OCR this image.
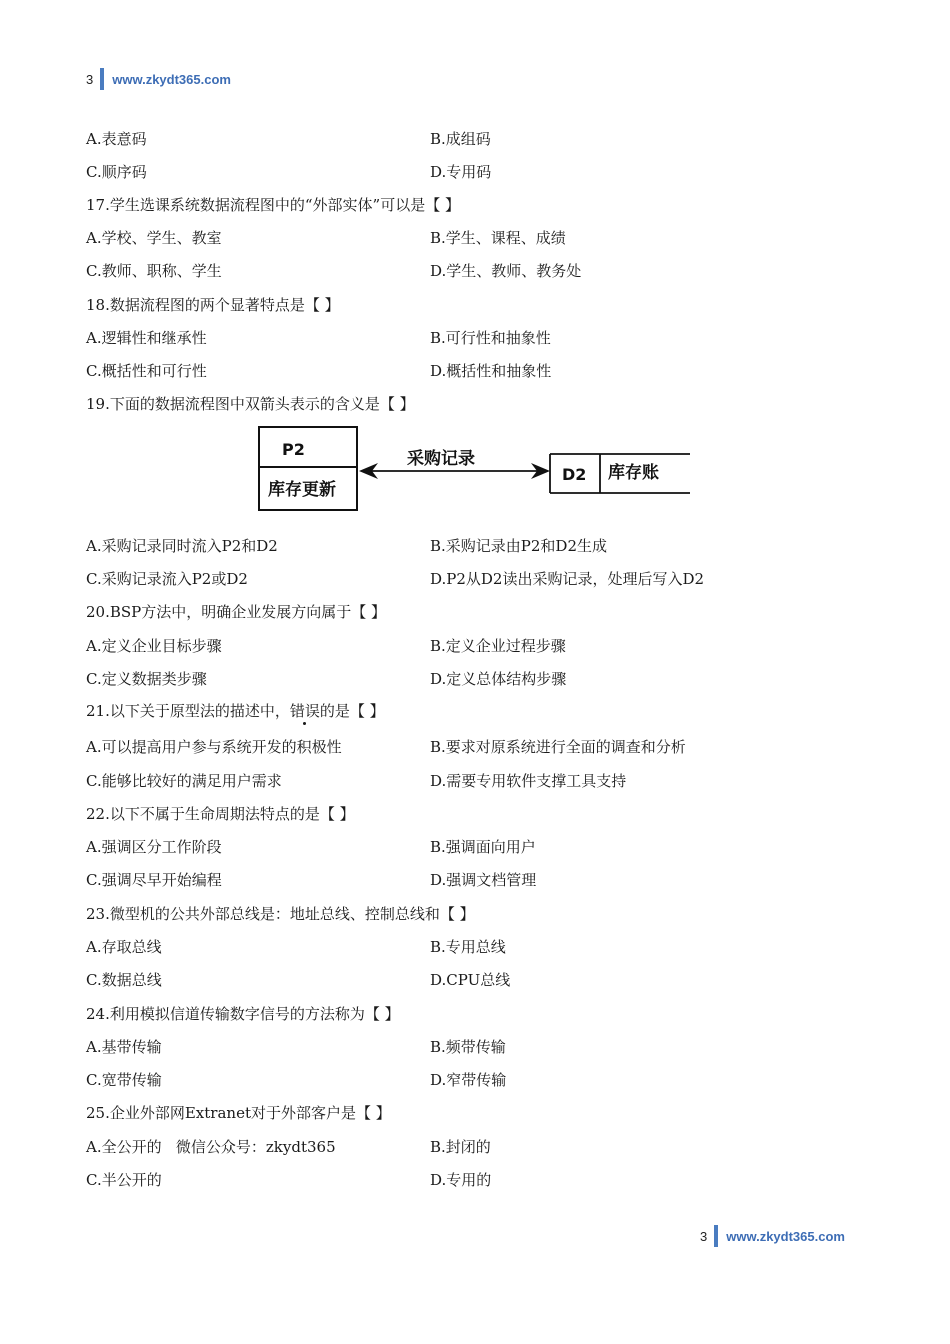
3 www.zkydt365.com
A.表意码	B.成组码
C.顺序码	D.专用码
17.学生选课系统数据流程图中的“外部实体”可以是【 】
A.学校、学生、教室	B.学生、课程、成绩
C.教师、职称、学生	D.学生、教师、教务处
18.数据流程图的两个显著特点是【 】
A.逻辑性和继承性	B.可行性和抽象性
C.概括性和可行性	D.概括性和抽象性
19.下面的数据流程图中双箭头表示的含义是【 】
P2
库存更新
采购记录
D2 库存账
A.采购记录同时流入P2和D2	B.采购记录由P2和D2生成
C.采购记录流入P2或D2	D.P2从D2读出采购记录，处理后写入D2
20.BSP方法中，明确企业发展方向属于【 】
A.定义企业目标步骤	B.定义企业过程步骤
C.定义数据类步骤	D.定义总体结构步骤
21.以下关于原型法的描述中，错误的是【 】
A.可以提高用户参与系统开发的积极性	B.要求对原系统进行全面的调查和分析
C.能够比较好的满足用户需求	D.需要专用软件支撑工具支持
22.以下不属于生命周期法特点的是【 】
A.强调区分工作阶段	B.强调面向用户
C.强调尽早开始编程	D.强调文档管理
23.微型机的公共外部总线是：地址总线、控制总线和【 】
A.存取总线	B.专用总线
C.数据总线	D.CPU总线
24.利用模拟信道传输数字信号的方法称为【 】
A.基带传输	B.频带传输
C.宽带传输	D.窄带传输
25.企业外部网Extranet对于外部客户是【 】
A.全公开的   微信公众号：zkydt365	B.封闭的
C.半公开的	D.专用的
3 www.zkydt365.com
